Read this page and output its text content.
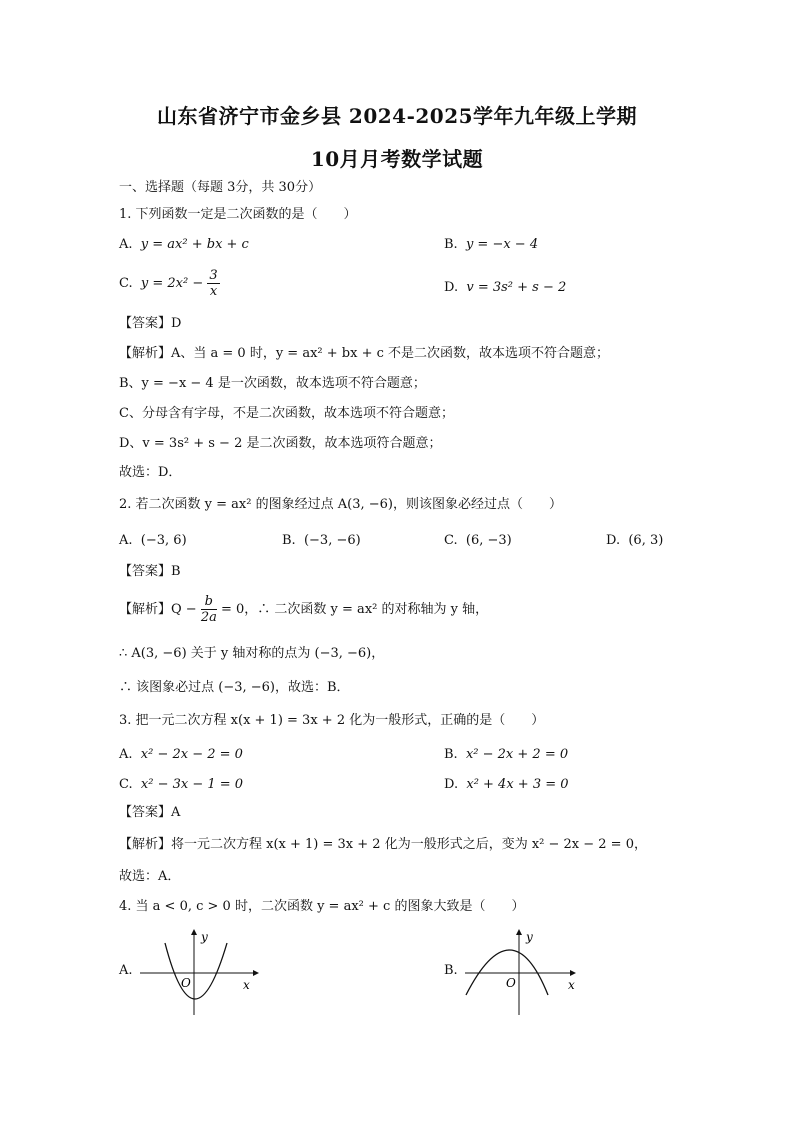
山东省济宁市金乡县 2024-2025学年九年级上学期
10月月考数学试题
一、选择题（每题 3分，共 30分）
1. 下列函数一定是二次函数的是（　　）
A. y = ax² + bx + c	B. y = −x − 4
C. $y = 2x^2 - \frac{3}{x}$	D. v = 3s² + s − 2
【答案】D
【解析】A、当 a = 0 时，y = ax² + bx + c 不是二次函数，故本选项不符合题意；
B、y = −x − 4 是一次函数，故本选项不符合题意；
C、分母含有字母，不是二次函数，故本选项不符合题意；
D、v = 3s² + s − 2 是二次函数，故本选项符合题意；
故选：D．
2. 若二次函数 y = ax² 的图象经过点 A(3, −6)，则该图象必经过点（　　）
A. (−3, 6)	B. (−3, −6)	C. (6, −3)	D. (6, 3)
【答案】B
【解析】$Q - \frac{b}{2a} = 0$，∴ 二次函数 y = ax² 的对称轴为 y 轴，
∴ A(3, −6) 关于 y 轴对称的点为 (−3, −6)，
∴ 该图象必过点 (−3, −6)，故选：B．
3. 把一元二次方程 x(x + 1) = 3x + 2 化为一般形式，正确的是（　　）
A. x² − 2x − 2 = 0	B. x² − 2x + 2 = 0
C. x² − 3x − 1 = 0	D. x² + 4x + 3 = 0
【答案】A
【解析】将一元二次方程 x(x + 1) = 3x + 2 化为一般形式之后，变为 x² − 2x − 2 = 0，
故选：A．
4. 当 a < 0, c > 0 时，二次函数 y = ax² + c 的图象大致是（　　）
A.
y
x
O
B.
y
x
O
